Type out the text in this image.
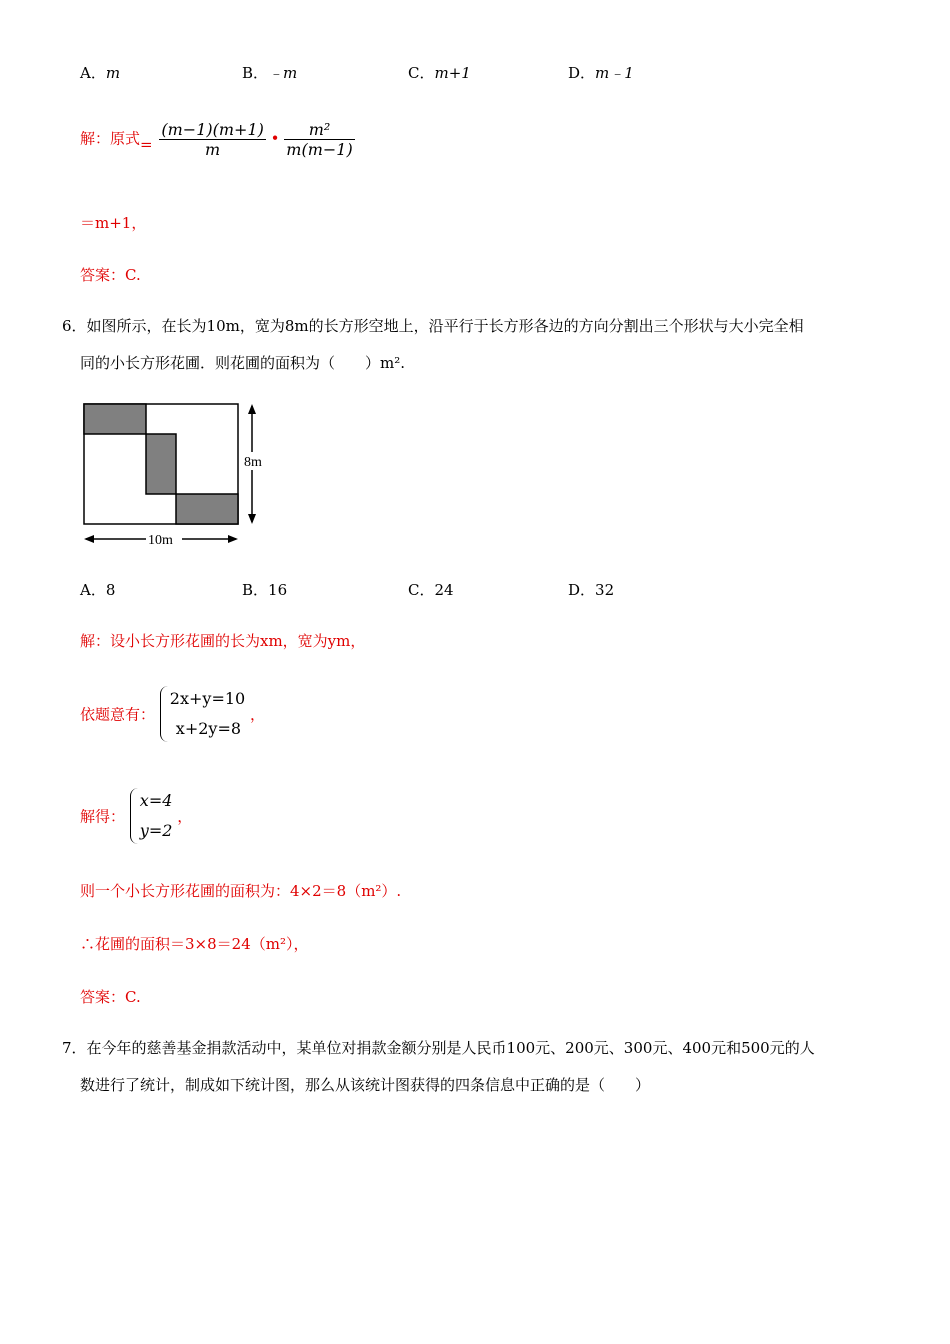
A．m	B．﹣m	C．m+1	D．m﹣1
解：原式= $\frac{(m-1)(m+1)}{m}$ • $\frac{\text{m²}}{m(m-1)}$
＝m+1，
答案：C.
6．如图所示，在长为10m，宽为8m的长方形空地上，沿平行于长方形各边的方向分割出三个形状与大小完全相
同的小长方形花圃．则花圃的面积为（　　）m².
8m
10m
A．8	B．16	C．24	D．32
解：设小长方形花圃的长为xm，宽为ym，
依题意有：
2x+y=10
x+2y=8
，
解得：
x=4
y=2
，
则一个小长方形花圃的面积为：4×2＝8（m²）.
∴花圃的面积＝3×8＝24（m²），
答案：C.
7．在今年的慈善基金捐款活动中，某单位对捐款金额分别是人民币100元、200元、300元、400元和500元的人
数进行了统计，制成如下统计图，那么从该统计图获得的四条信息中正确的是（　　）
